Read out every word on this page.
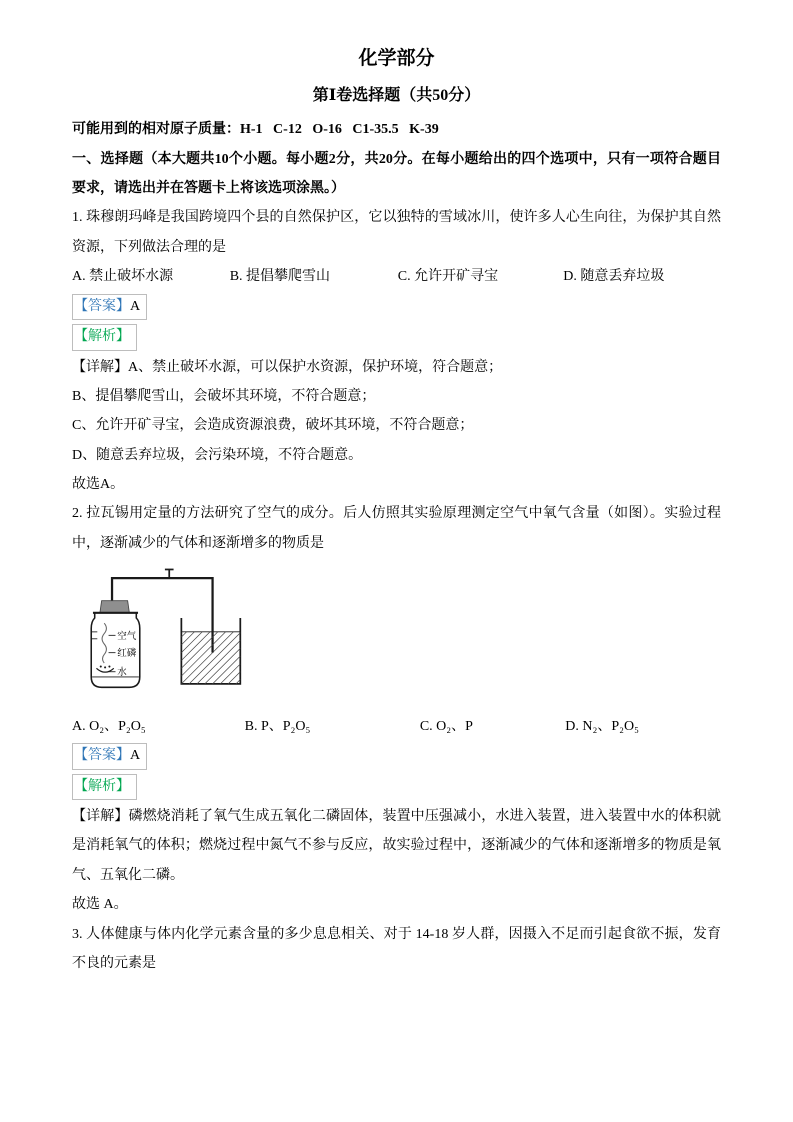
化学部分
第Ⅰ卷选择题（共50分）

可能用到的相对原子质量：H-1   C-12   O-16   C1-35.5   K-39

一、选择题（本大题共10个小题。每小题2分，共20分。在每小题给出的四个选项中，只有一项符合题目要求，请选出并在答题卡上将该选项涂黑。）

1. 珠穆朗玛峰是我国跨境四个县的自然保护区，它以独特的雪域冰川，使许多人心生向往，为保护其自然资源，下列做法合理的是

A. 禁止破坏水源	B. 提倡攀爬雪山	C. 允许开矿寻宝	D. 随意丢弃垃圾

【答案】A

【解析】

【详解】A、禁止破坏水源，可以保护水资源，保护环境，符合题意；

B、提倡攀爬雪山，会破坏其环境，不符合题意；

C、允许开矿寻宝，会造成资源浪费，破坏其环境，不符合题意；

D、随意丢弃垃圾，会污染环境，不符合题意。

故选A。

2. 拉瓦锡用定量的方法研究了空气的成分。后人仿照其实验原理测定空气中氧气含量（如图）。实验过程中，逐渐减少的气体和逐渐增多的物质是

空气
红磷
水
A. O₂、P₂O₅	B. P、P₂O₅	C. O₂、P	D. N₂、P₂O₅

【答案】A

【解析】

【详解】磷燃烧消耗了氧气生成五氧化二磷固体，装置中压强减小，水进入装置，进入装置中水的体积就是消耗氧气的体积；燃烧过程中氮气不参与反应，故实验过程中，逐渐减少的气体和逐渐增多的物质是氧气、五氧化二磷。

故选 A。

3. 人体健康与体内化学元素含量的多少息息相关、对于 14-18 岁人群，因摄入不足而引起食欲不振，发育不良的元素是
